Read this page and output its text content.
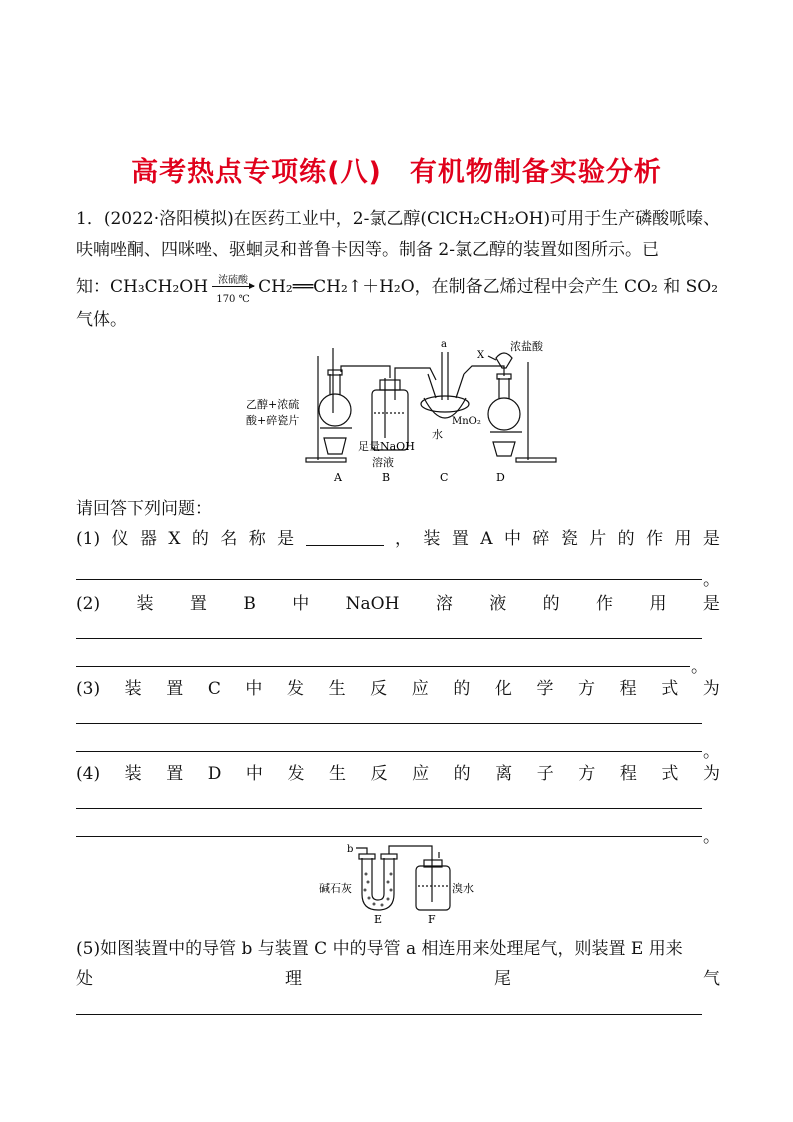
高考热点专项练(八)　有机物制备实验分析
1．(2022·洛阳模拟)在医药工业中，2-氯乙醇(ClCH₂CH₂OH)可用于生产磷酸哌嗪、
呋喃唑酮、四咪唑、驱蛔灵和普鲁卡因等。制备 2-氯乙醇的装置如图所示。已
知：CH₃CH₂OH	浓硫酸
170 ℃
CH₂══CH₂↑＋H₂O，在制备乙烯过程中会产生 CO₂ 和 SO₂
气体。
a
X
浓盐酸
乙醇+浓硫
酸+碎瓷片
足量NaOH
溶液
水
MnO₂
A	B	C	D
请回答下列问题：
(1) 仪 器 X 的 名 称 是	， 装 置 A 中 碎 瓷 片 的 作 用 是
。
(2) 装 置 B 中 NaOH 溶 液 的 作 用 是
。
(3) 装 置 C 中 发 生 反 应 的 化 学 方 程 式 为
。
(4) 装 置 D 中 发 生 反 应 的 离 子 方 程 式 为
。
b
碱石灰	溴水
E	F
(5)如图装置中的导管 b 与装置 C 中的导管 a 相连用来处理尾气，则装置 E 用来
处	理	尾	气
